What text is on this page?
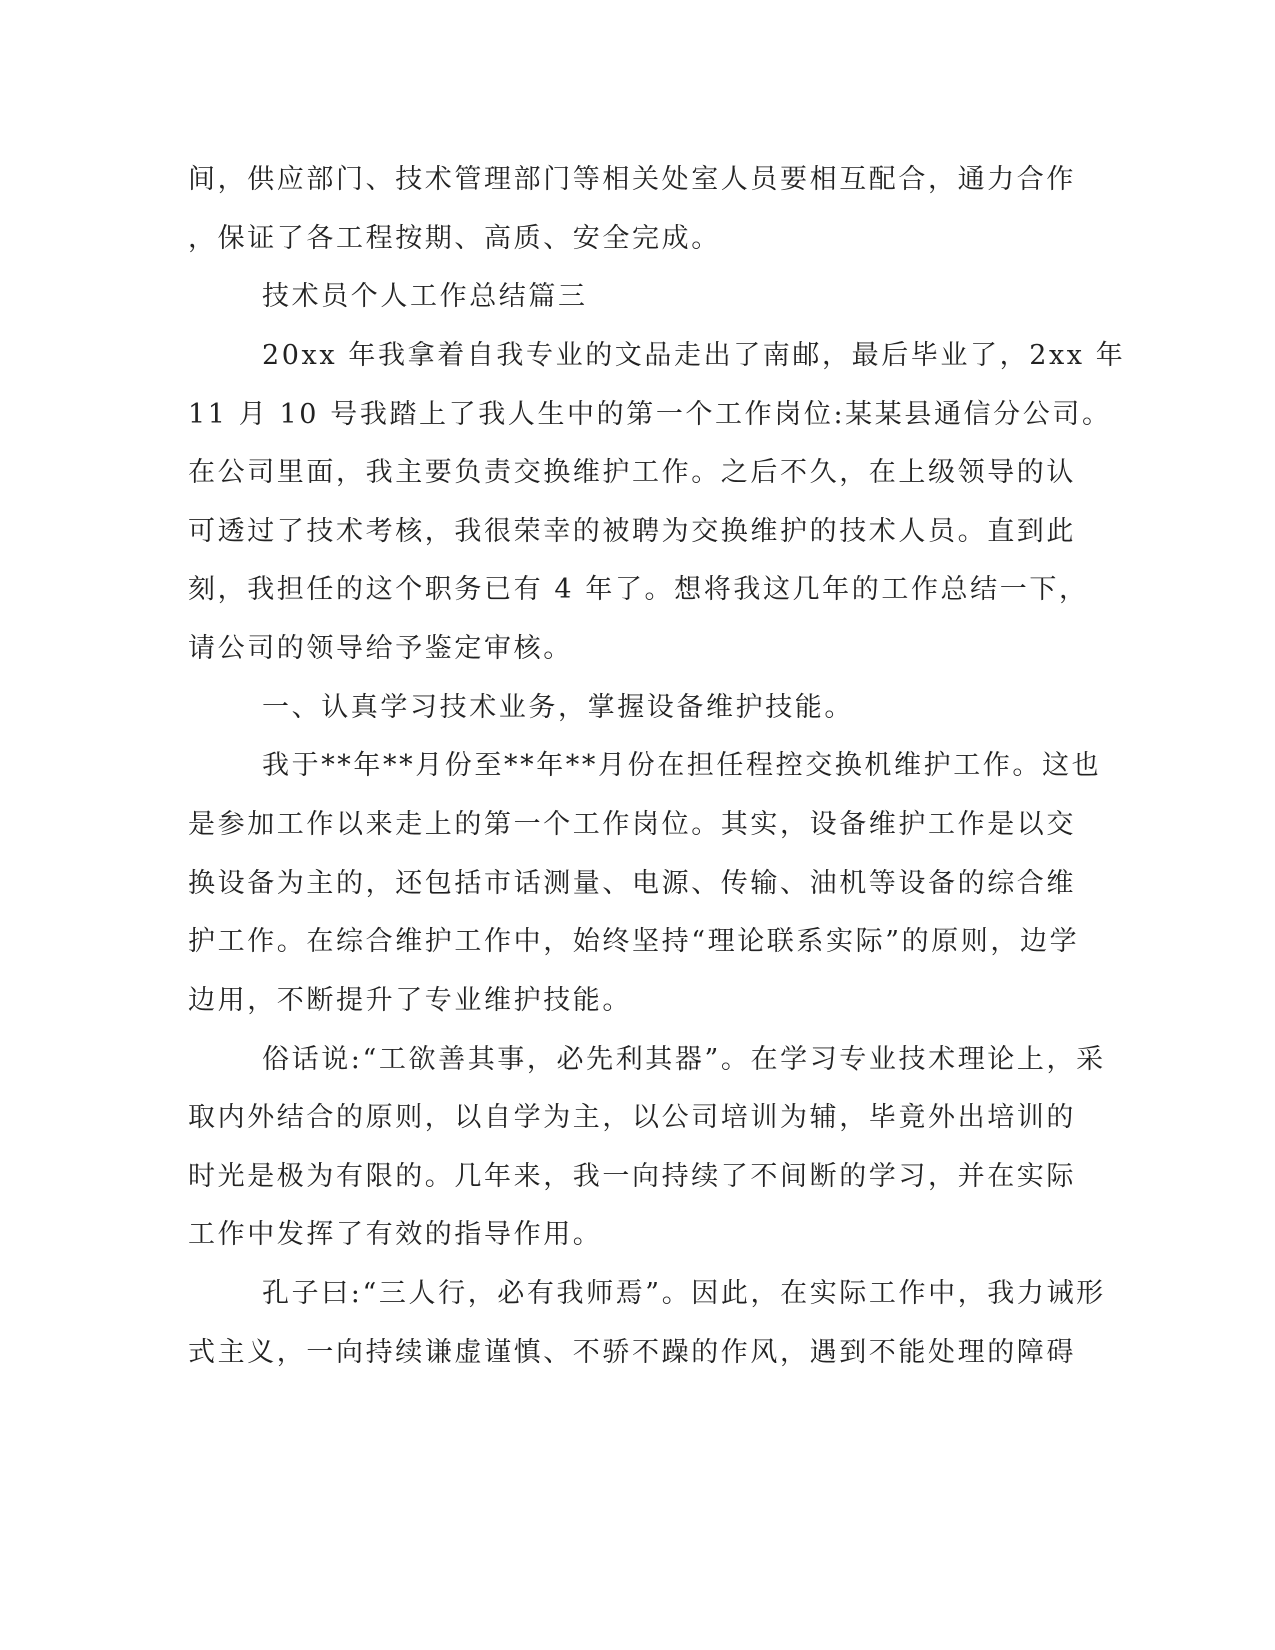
间，供应部门、技术管理部门等相关处室人员要相互配合，通力合作
，保证了各工程按期、高质、安全完成。
技术员个人工作总结篇三
20xx 年我拿着自我专业的文品走出了南邮，最后毕业了，2xx 年
11 月 10 号我踏上了我人生中的第一个工作岗位:某某县通信分公司。
在公司里面，我主要负责交换维护工作。之后不久，在上级领导的认
可透过了技术考核，我很荣幸的被聘为交换维护的技术人员。直到此
刻，我担任的这个职务已有 4 年了。想将我这几年的工作总结一下，
请公司的领导给予鉴定审核。
一、认真学习技术业务，掌握设备维护技能。
我于**年**月份至**年**月份在担任程控交换机维护工作。这也
是参加工作以来走上的第一个工作岗位。其实，设备维护工作是以交
换设备为主的，还包括市话测量、电源、传输、油机等设备的综合维
护工作。在综合维护工作中，始终坚持“理论联系实际”的原则，边学
边用，不断提升了专业维护技能。
俗话说:“工欲善其事，必先利其器”。在学习专业技术理论上，采
取内外结合的原则，以自学为主，以公司培训为辅，毕竟外出培训的
时光是极为有限的。几年来，我一向持续了不间断的学习，并在实际
工作中发挥了有效的指导作用。
孔子曰:“三人行，必有我师焉”。因此，在实际工作中，我力诫形
式主义，一向持续谦虚谨慎、不骄不躁的作风，遇到不能处理的障碍
